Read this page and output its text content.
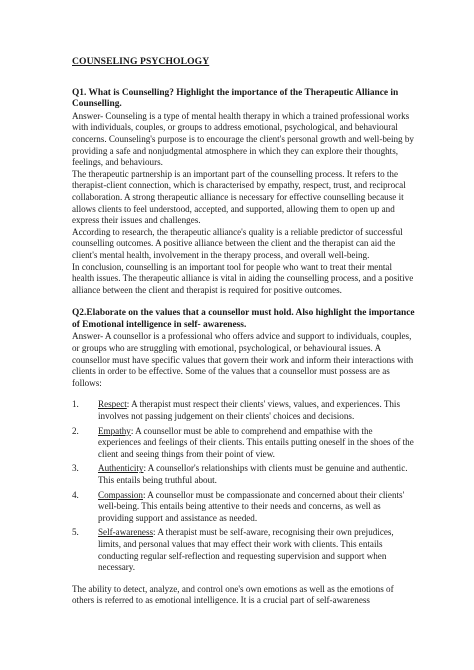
COUNSELING PSYCHOLOGY
Q1. What is Counselling? Highlight the importance of the Therapeutic Alliance in Counselling.

Answer- Counseling is a type of mental health therapy in which a trained professional works with individuals, couples, or groups to address emotional, psychological, and behavioural concerns. Counseling's purpose is to encourage the client's personal growth and well-being by providing a safe and nonjudgmental atmosphere in which they can explore their thoughts, feelings, and behaviours.

The therapeutic partnership is an important part of the counselling process. It refers to the therapist-client connection, which is characterised by empathy, respect, trust, and reciprocal collaboration. A strong therapeutic alliance is necessary for effective counselling because it allows clients to feel understood, accepted, and supported, allowing them to open up and express their issues and challenges.

According to research, the therapeutic alliance's quality is a reliable predictor of successful counselling outcomes. A positive alliance between the client and the therapist can aid the client's mental health, involvement in the therapy process, and overall well-being.

In conclusion, counselling is an important tool for people who want to treat their mental health issues. The therapeutic alliance is vital in aiding the counselling process, and a positive alliance between the client and therapist is required for positive outcomes.

Q2.Elaborate on the values that a counsellor must hold. Also highlight the importance of Emotional intelligence in self- awareness.

Answer- A counsellor is a professional who offers advice and support to individuals, couples, or groups who are struggling with emotional, psychological, or behavioural issues. A counsellor must have specific values that govern their work and inform their interactions with clients in order to be effective. Some of the values that a counsellor must possess are as follows:

1. Respect: A therapist must respect their clients' views, values, and experiences. This involves not passing judgement on their clients' choices and decisions.
2. Empathy: A counsellor must be able to comprehend and empathise with the experiences and feelings of their clients. This entails putting oneself in the shoes of the client and seeing things from their point of view.
3. Authenticity: A counsellor's relationships with clients must be genuine and authentic. This entails being truthful about.
4. Compassion: A counsellor must be compassionate and concerned about their clients' well-being. This entails being attentive to their needs and concerns, as well as providing support and assistance as needed.
5. Self-awareness: A therapist must be self-aware, recognising their own prejudices, limits, and personal values that may effect their work with clients. This entails conducting regular self-reflection and requesting supervision and support when necessary.

The ability to detect, analyze, and control one's own emotions as well as the emotions of others is referred to as emotional intelligence. It is a crucial part of self-awareness
